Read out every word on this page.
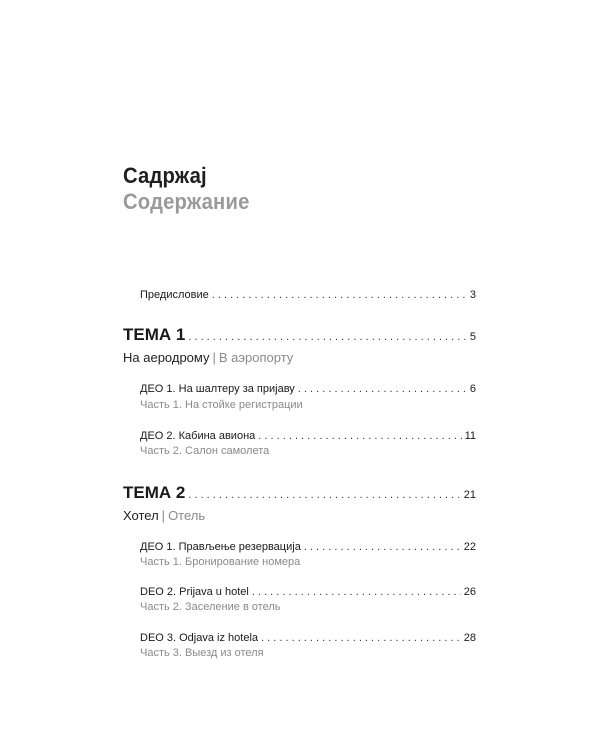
Садржај
Содержание
Предисловие . . .	3
ТЕМА 1 . . .	5
На аеродрому | В аэропорту
ДЕО 1. На шалтеру за пријаву . . .	6
Часть 1. На стойке регистрации
ДЕО 2. Кабина авиона . . .	11
Часть 2. Салон самолета
ТЕМА 2 . . .	21
Хотел | Отель
ДЕО 1. Прављење резервација . . .	22
Часть 1. Бронирование номера
DEO 2. Prijava u hotel . . .	26
Часть 2. Заселение в отель
DEO 3. Odjava iz hotela . . .	28
Часть 3. Выезд из отеля
